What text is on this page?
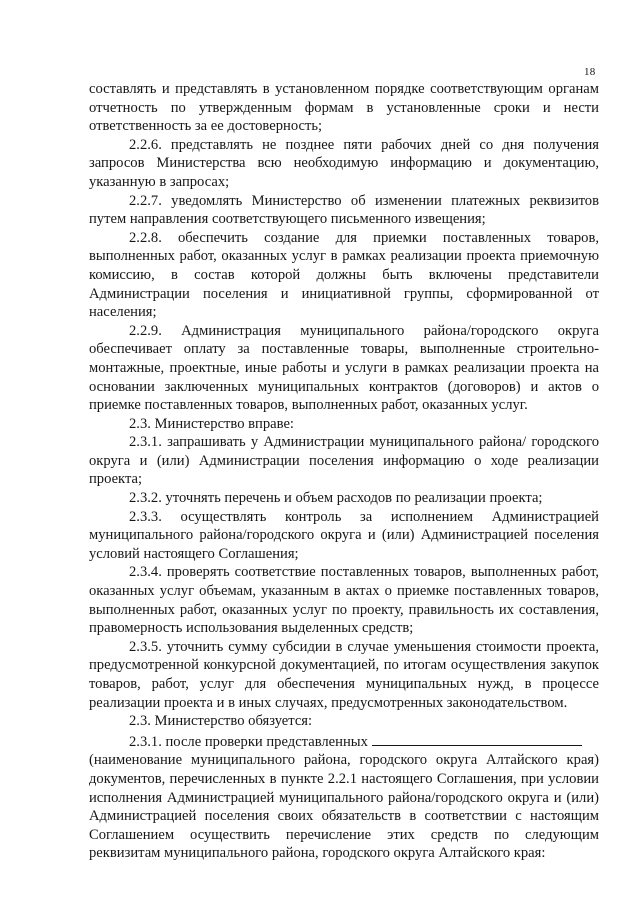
18

составлять и представлять в установленном порядке соответствующим органам отчетность по утвержденным формам в установленные сроки и нести ответственность за ее достоверность;

2.2.6. представлять не позднее пяти рабочих дней со дня получения запросов Министерства всю необходимую информацию и документацию, указанную в запросах;

2.2.7. уведомлять Министерство об изменении платежных реквизитов путем направления соответствующего письменного извещения;

2.2.8. обеспечить создание для приемки поставленных товаров, выполненных работ, оказанных услуг в рамках реализации проекта приемочную комиссию, в состав которой должны быть включены представители Администрации поселения и инициативной группы, сформированной от населения;

2.2.9. Администрация муниципального района/городского округа обеспечивает оплату за поставленные товары, выполненные строительно-монтажные, проектные, иные работы и услуги в рамках реализации проекта на основании заключенных муниципальных контрактов (договоров) и актов о приемке поставленных товаров, выполненных работ, оказанных услуг.

2.3. Министерство вправе:

2.3.1. запрашивать у Администрации муниципального района/ городского округа и (или) Администрации поселения информацию о ходе реализации проекта;

2.3.2. уточнять перечень и объем расходов по реализации проекта;

2.3.3. осуществлять контроль за исполнением Администрацией муниципального района/городского округа и (или) Администрацией поселения условий настоящего Соглашения;

2.3.4. проверять соответствие поставленных товаров, выполненных работ, оказанных услуг объемам, указанным в актах о приемке поставленных товаров, выполненных работ, оказанных услуг по проекту, правильность их составления, правомерность использования выделенных средств;

2.3.5. уточнить сумму субсидии в случае уменьшения стоимости проекта, предусмотренной конкурсной документацией, по итогам осуществления закупок товаров, работ, услуг для обеспечения муниципальных нужд, в процессе реализации проекта и в иных случаях, предусмотренных законодательством.

2.3. Министерство обязуется:

2.3.1. после проверки представленных

(наименование муниципального района, городского округа Алтайского края) документов, перечисленных в пункте 2.2.1 настоящего Соглашения, при условии исполнения Администрацией муниципального района/городского округа и (или) Администрацией поселения своих обязательств в соответствии с настоящим Соглашением осуществить перечисление этих средств по следующим реквизитам муниципального района, городского округа Алтайского края:
